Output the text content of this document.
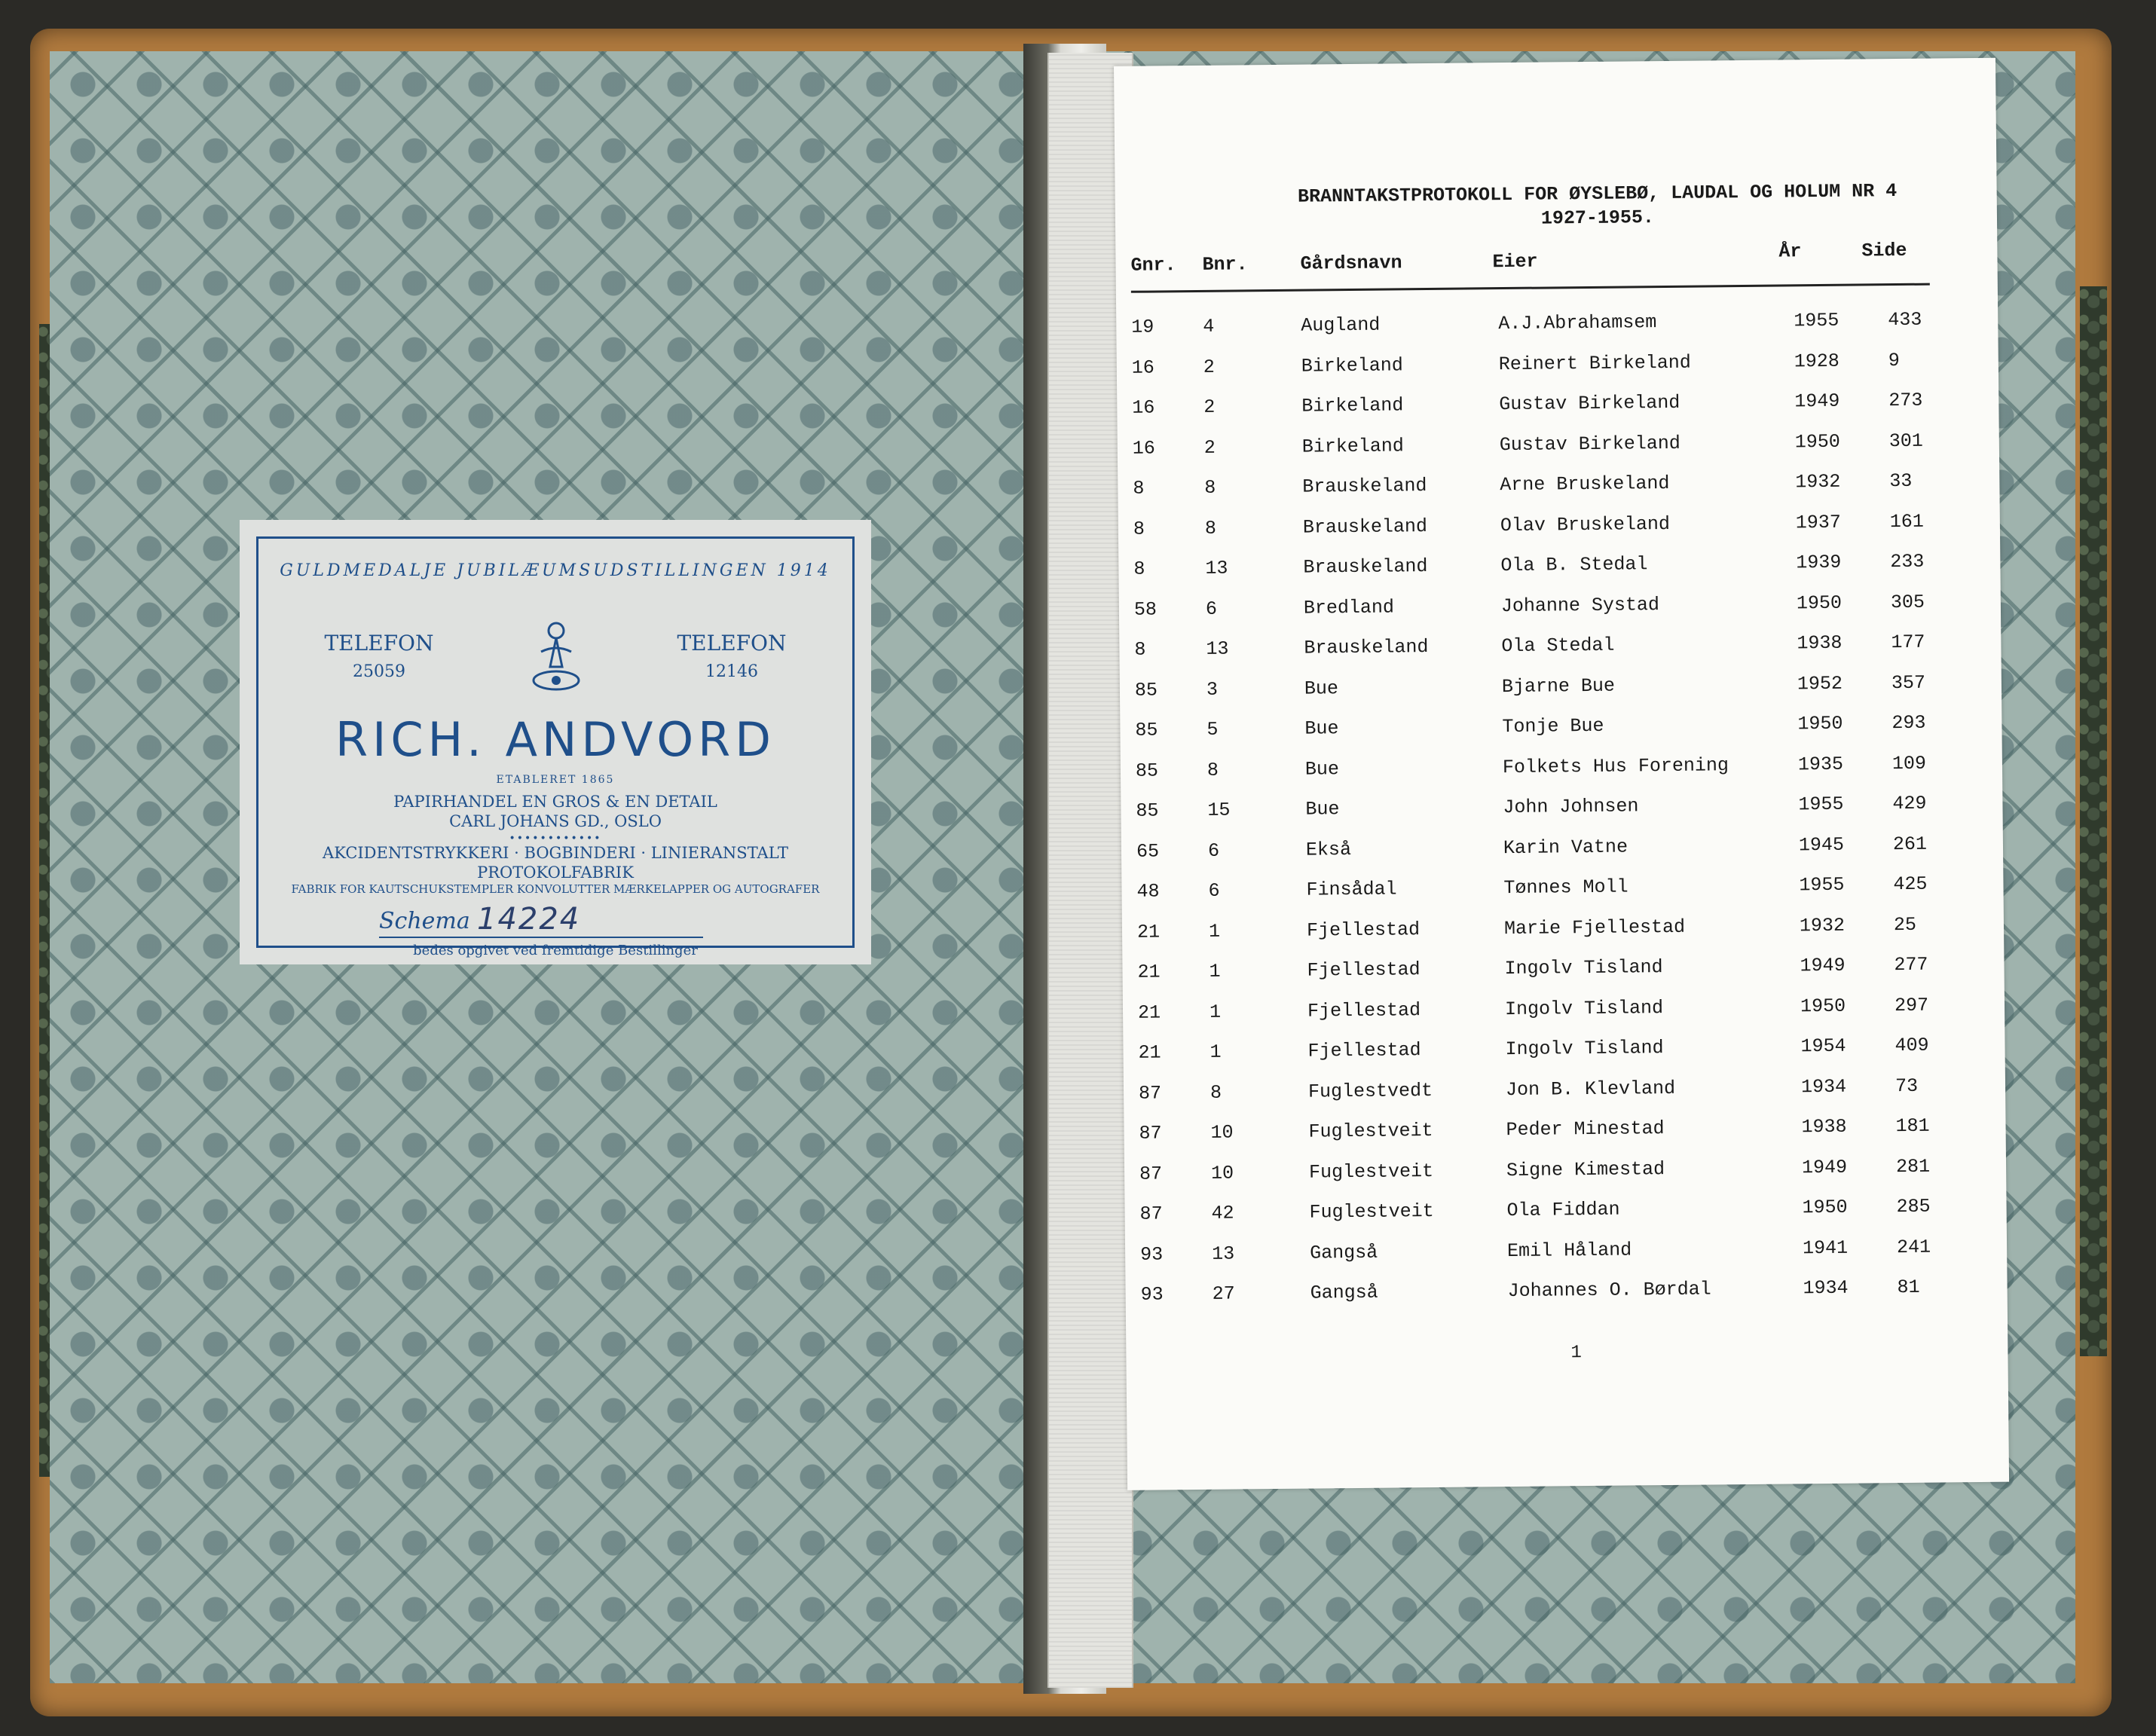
GULDMEDALJE JUBILÆUMSUDSTILLINGEN 1914
TELEFON
25059
TELEFON
12146
RICH. ANDVORD
ETABLERET 1865
PAPIRHANDEL EN GROS & EN DETAIL
CARL JOHANS GD., OSLO
••••••••••••
AKCIDENTSTRYKKERI · BOGBINDERI · LINIERANSTALT
PROTOKOLFABRIK
FABRIK FOR KAUTSCHUKSTEMPLER KONVOLUTTER MÆRKELAPPER OG AUTOGRAFER
Schema 14224
bedes opgivet ved fremtidige Bestillinger
BRANNTAKSTPROTOKOLL FOR ØYSLEBØ, LAUDAL OG HOLUM NR 4
1927-1955.
Gnr. Bnr.	Gårdsnavn	Eier	År	Side
19	4	Augland	A.J.Abrahamsem	1955	433
16	2	Birkeland	Reinert Birkeland	1928	9
16	2	Birkeland	Gustav Birkeland	1949	273
16	2	Birkeland	Gustav Birkeland	1950	301
8	8	Brauskeland	Arne Bruskeland	1932	33
8	8	Brauskeland	Olav Bruskeland	1937	161
8	13	Brauskeland	Ola B. Stedal	1939	233
58	6	Bredland	Johanne Systad	1950	305
8	13	Brauskeland	Ola Stedal	1938	177
85	3	Bue	Bjarne Bue	1952	357
85	5	Bue	Tonje Bue	1950	293
85	8	Bue	Folkets Hus Forening	1935	109
85	15	Bue	John Johnsen	1955	429
65	6	Ekså	Karin Vatne	1945	261
48	6	Finsådal	Tønnes Moll	1955	425
21	1	Fjellestad	Marie Fjellestad	1932	25
21	1	Fjellestad	Ingolv Tisland	1949	277
21	1	Fjellestad	Ingolv Tisland	1950	297
21	1	Fjellestad	Ingolv Tisland	1954	409
87	8	Fuglestvedt	Jon B. Klevland	1934	73
87	10	Fuglestveit	Peder Minestad	1938	181
87	10	Fuglestveit	Signe Kimestad	1949	281
87	42	Fuglestveit	Ola Fiddan	1950	285
93	13	Gangså	Emil Håland	1941	241
93	27	Gangså	Johannes O. Børdal	1934	81
1
